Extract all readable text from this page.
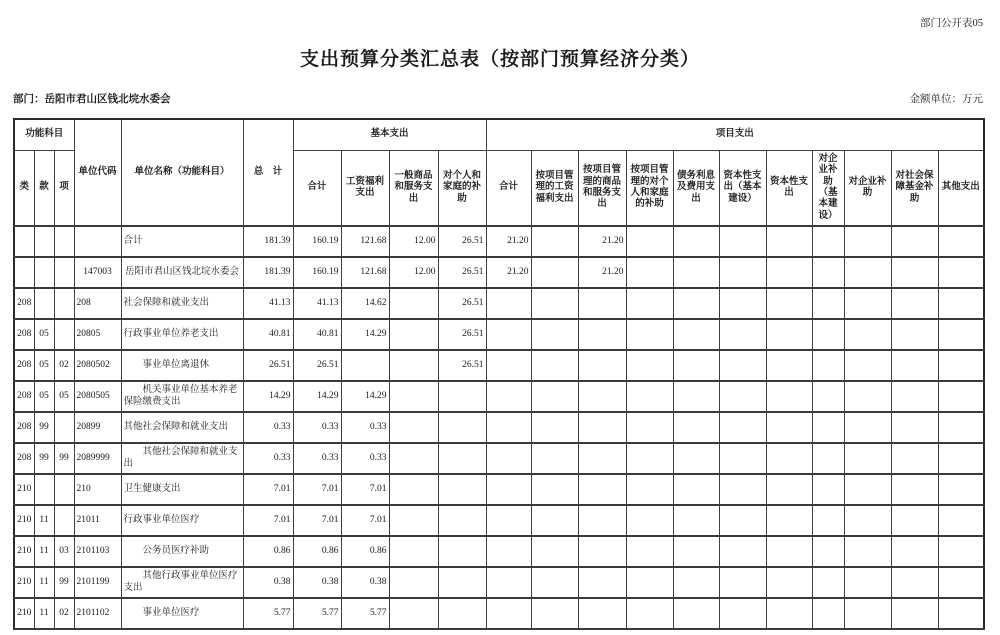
部门公开表05
支出预算分类汇总表（按部门预算经济分类）
部门：岳阳市君山区钱北垸水委会	金额单位：万元
功能科目			单位代码	单位名称（功能科目）	总　计	基本支出				项目支出										
类	款	项				合计	工资福利支出	一般商品和服务支出	对个人和家庭的补助	合计	按项目管理的工资福利支出	按项目管理的商品和服务支出	按项目管理的对个人和家庭的补助	债务利息及费用支出	资本性支出（基本建设）	资本性支出	对企业补助（基本建设）	对企业补助	对社会保障基金补助	其他支出
				合计	181.39	160.19	121.68	12.00	26.51	21.20		21.20								
			147003	岳阳市君山区钱北垸水委会	181.39	160.19	121.68	12.00	26.51	21.20		21.20								
208			208	社会保障和就业支出	41.13	41.13	14.62		26.51											
208	05		20805	行政事业单位养老支出	40.81	40.81	14.29		26.51											
208	05	02	2080502	事业单位离退休	26.51	26.51			26.51											
208	05	05	2080505	机关事业单位基本养老保险缴费支出	14.29	14.29	14.29													
208	99		20899	其他社会保障和就业支出	0.33	0.33	0.33													
208	99	99	2089999	其他社会保障和就业支出	0.33	0.33	0.33													
210			210	卫生健康支出	7.01	7.01	7.01													
210	11		21011	行政事业单位医疗	7.01	7.01	7.01													
210	11	03	2101103	公务员医疗补助	0.86	0.86	0.86													
210	11	99	2101199	其他行政事业单位医疗支出	0.38	0.38	0.38													
210	11	02	2101102	事业单位医疗	5.77	5.77	5.77													
